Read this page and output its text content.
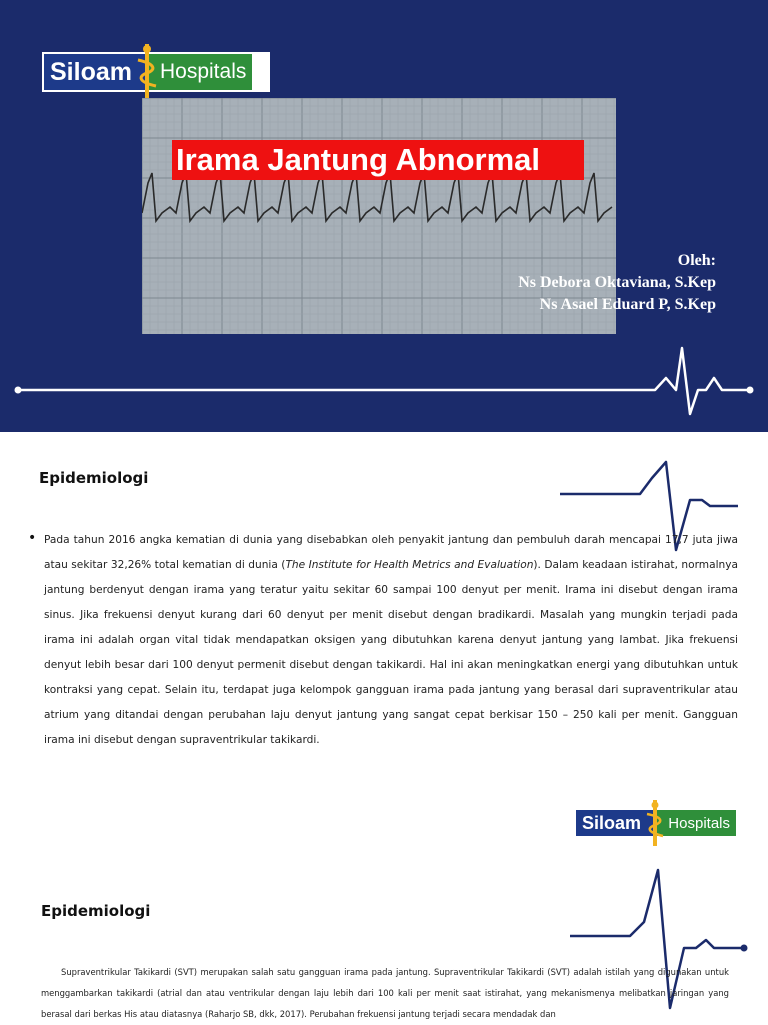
Siloam Hospitals
Irama Jantung Abnormal
Oleh:
Ns Debora Oktaviana, S.Kep
Ns Asael Eduard P, S.Kep
Epidemiologi
• Pada tahun 2016 angka kematian di dunia yang disebabkan oleh penyakit jantung dan pembuluh darah mencapai 17,7 juta jiwa atau sekitar 32,26% total kematian di dunia (The Institute for Health Metrics and Evaluation). Dalam keadaan istirahat, normalnya jantung berdenyut dengan irama yang teratur yaitu sekitar 60 sampai 100 denyut per menit. Irama ini disebut dengan irama sinus. Jika frekuensi denyut kurang dari 60 denyut per menit disebut dengan bradikardi. Masalah yang mungkin terjadi pada irama ini adalah organ vital tidak mendapatkan oksigen yang dibutuhkan karena denyut jantung yang lambat. Jika frekuensi denyut lebih besar dari 100 denyut permenit disebut dengan takikardi. Hal ini akan meningkatkan energi yang dibutuhkan untuk kontraksi yang cepat. Selain itu, terdapat juga kelompok gangguan irama pada jantung yang berasal dari supraventrikular atau atrium yang ditandai dengan perubahan laju denyut jantung yang sangat cepat berkisar 150 – 250 kali per menit. Gangguan irama ini disebut dengan supraventrikular takikardi.
Siloam Hospitals
Epidemiologi
Supraventrikular Takikardi (SVT) merupakan salah satu gangguan irama pada jantung. Supraventrikular Takikardi (SVT) adalah istilah yang digunakan untuk menggambarkan takikardi (atrial dan atau ventrikular dengan laju lebih dari 100 kali per menit saat istirahat, yang mekanismenya melibatkan jaringan yang berasal dari berkas His atau diatasnya (Raharjo SB, dkk, 2017). Perubahan frekuensi jantung terjadi secara mendadak dan
